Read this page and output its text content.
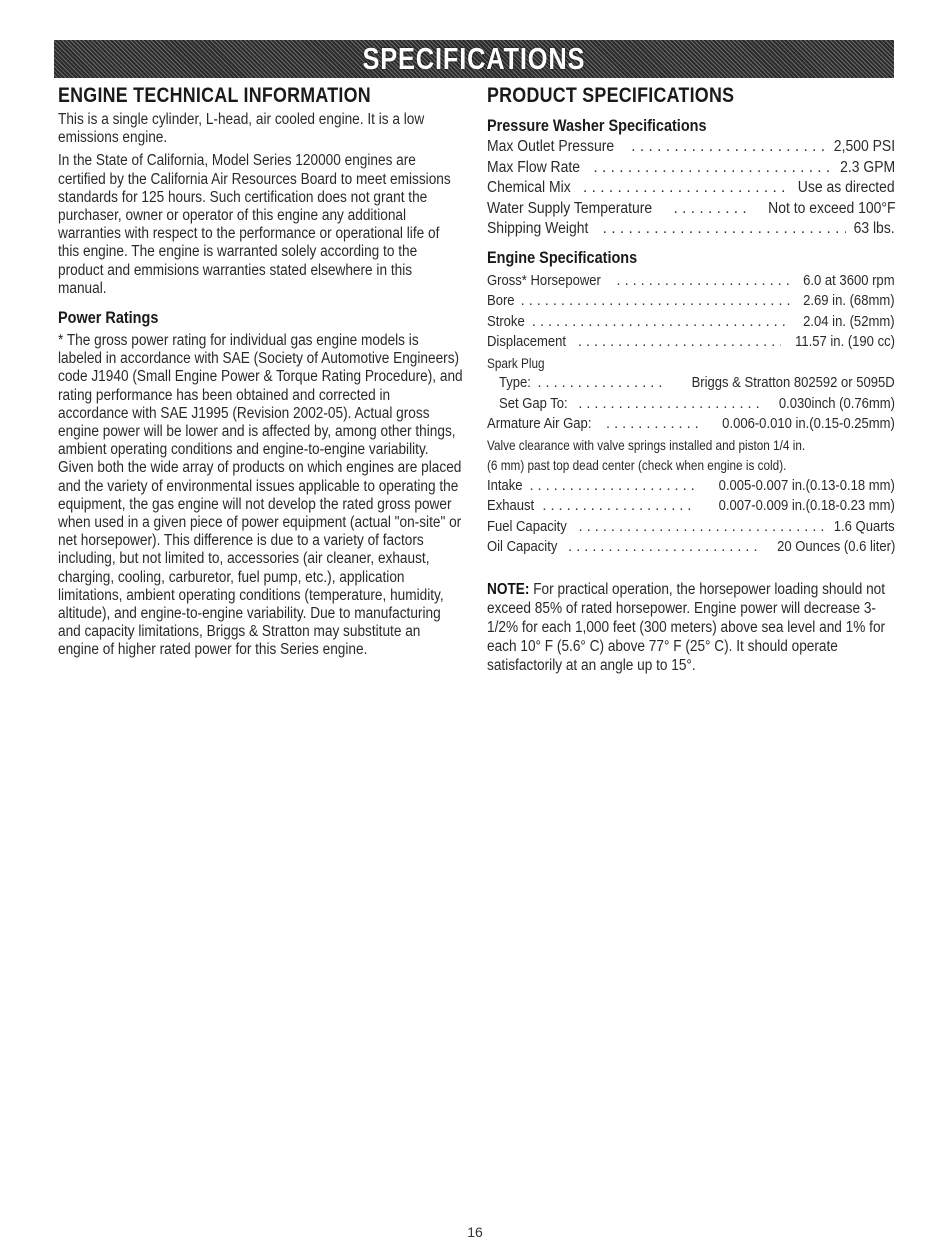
SPECIFICATIONS
ENGINE TECHNICAL INFORMATION
This is a single cylinder, L-head, air cooled engine. It is a low emissions engine.
In the State of California, Model Series 120000 engines are certified by the California Air Resources Board to meet emissions standards for 125 hours. Such certification does not grant the purchaser, owner or operator of this engine any additional warranties with respect to the performance or operational life of this engine. The engine is warranted solely according to the product and emmisions warranties stated elsewhere in this manual.
Power Ratings
* The gross power rating for individual gas engine models is labeled in accordance with SAE (Society of Automotive Engineers) code J1940 (Small Engine Power & Torque Rating Procedure), and rating performance has been obtained and corrected in accordance with SAE J1995 (Revision 2002-05). Actual gross engine power will be lower and is affected by, among other things, ambient operating conditions and engine-to-engine variability. Given both the wide array of products on which engines are placed and the variety of environmental issues applicable to operating the equipment, the gas engine will not develop the rated gross power when used in a given piece of power equipment (actual "on-site" or net horsepower). This difference is due to a variety of factors including, but not limited to, accessories (air cleaner, exhaust, charging, cooling, carburetor, fuel pump, etc.), application limitations, ambient operating conditions (temperature, humidity, altitude), and engine-to-engine variability. Due to manufacturing and capacity limitations, Briggs & Stratton may substitute an engine of higher rated power for this Series engine.
PRODUCT SPECIFICATIONS
Pressure Washer Specifications
Max Outlet Pressure . . .	2,500 PSI
Max Flow Rate . . .	2.3 GPM
Chemical Mix . . .	Use as directed
Water Supply Temperature . . .	Not to exceed 100°F
Shipping Weight . . .	63 lbs.
Engine Specifications
Gross* Horsepower . . .	6.0 at 3600 rpm
Bore . . .	2.69 in. (68mm)
Stroke . . .	2.04 in. (52mm)
Displacement . . .	11.57 in. (190 cc)
Spark Plug
Type: . . .	Briggs & Stratton 802592 or 5095D
Set Gap To: . . .	0.030inch (0.76mm)
Armature Air Gap: . . .	0.006-0.010 in.(0.15-0.25mm)
Valve clearance with valve springs installed and piston 1/4 in.
(6 mm) past top dead center (check when engine is cold).
Intake . . .	0.005-0.007 in.(0.13-0.18 mm)
Exhaust . . .	0.007-0.009 in.(0.18-0.23 mm)
Fuel Capacity . . .	1.6 Quarts
Oil Capacity . . .	20 Ounces (0.6 liter)
NOTE: For practical operation, the horsepower loading should not exceed 85% of rated horsepower. Engine power will decrease 3-1/2% for each 1,000 feet (300 meters) above sea level and 1% for each 10° F (5.6° C) above 77° F (25° C). It should operate satisfactorily at an angle up to 15°.
16
